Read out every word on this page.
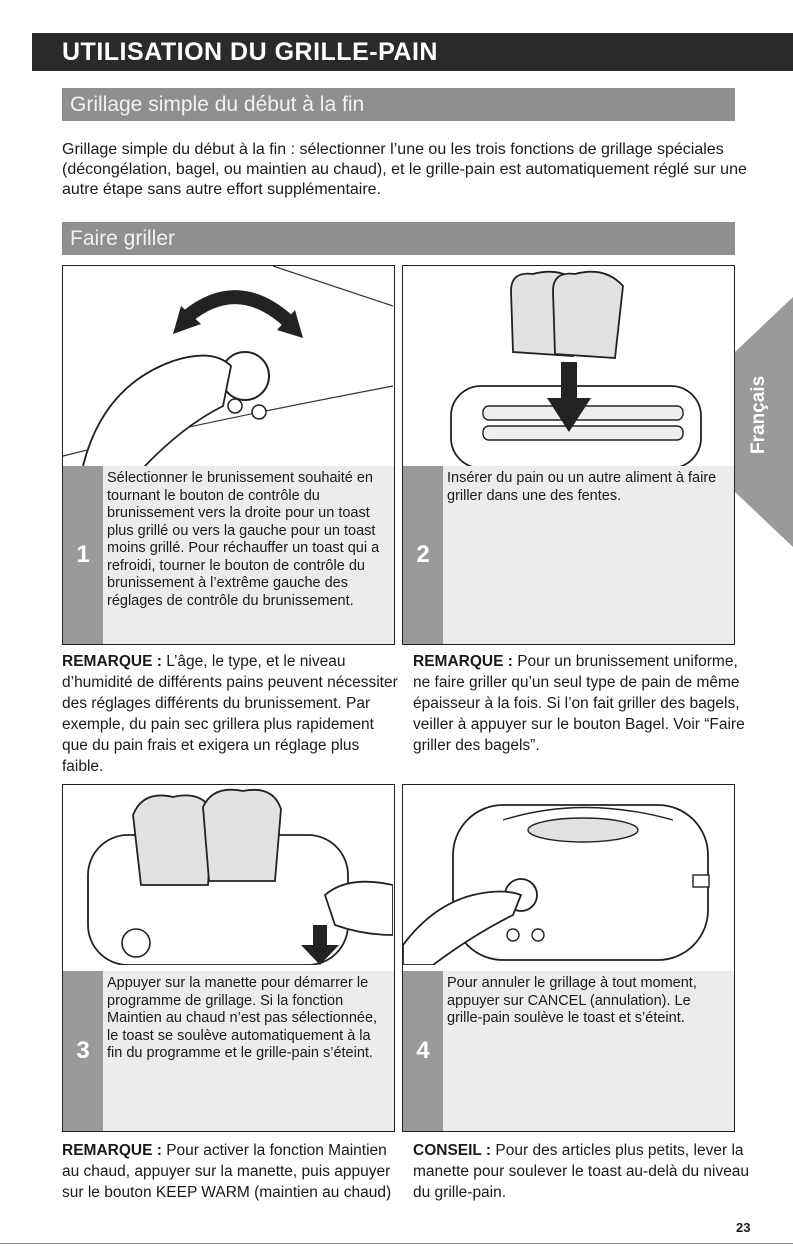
UTILISATION DU GRILLE-PAIN
Grillage simple du début à la fin

Grillage simple du début à la fin : sélectionner l’une ou les trois fonctions de grillage spéciales (décongélation, bagel, ou maintien au chaud), et le grille-pain est automatiquement réglé sur une autre étape sans autre effort supplémentaire.

Faire griller
Français
1

Sélectionner le brunissement souhaité en tournant le bouton de contrôle du brunissement vers la droite pour un toast plus grillé ou vers la gauche pour un toast moins grillé. Pour réchauffer un toast qui a refroidi, tourner le bouton de contrôle du brunissement à l’extrême gauche des réglages de contrôle du brunissement.

2

Insérer du pain ou un autre aliment à faire griller dans une des fentes.

REMARQUE : L’âge, le type, et le niveau d’humidité de différents pains peuvent nécessiter des réglages différents du brunissement. Par exemple, du pain sec grillera plus rapidement que du pain frais et exigera un réglage plus faible.

REMARQUE : Pour un brunissement uniforme, ne faire griller qu’un seul type de pain de même épaisseur à la fois. Si l’on fait griller des bagels, veiller à appuyer sur le bouton Bagel. Voir “Faire griller des bagels”.

3

Appuyer sur la manette pour démarrer le programme de grillage. Si la fonction Maintien au chaud n’est pas sélectionnée, le toast se soulève automatiquement à la fin du programme et le grille-pain s’éteint.	4

Pour annuler le grillage à tout moment, appuyer sur CANCEL (annulation). Le grille-pain soulève le toast et s’éteint.

REMARQUE : Pour activer la fonction Maintien au chaud, appuyer sur la manette, puis appuyer sur le bouton KEEP WARM (maintien au chaud)

CONSEIL : Pour des articles plus petits, lever la manette pour soulever le toast au-delà du niveau du grille-pain.

23
